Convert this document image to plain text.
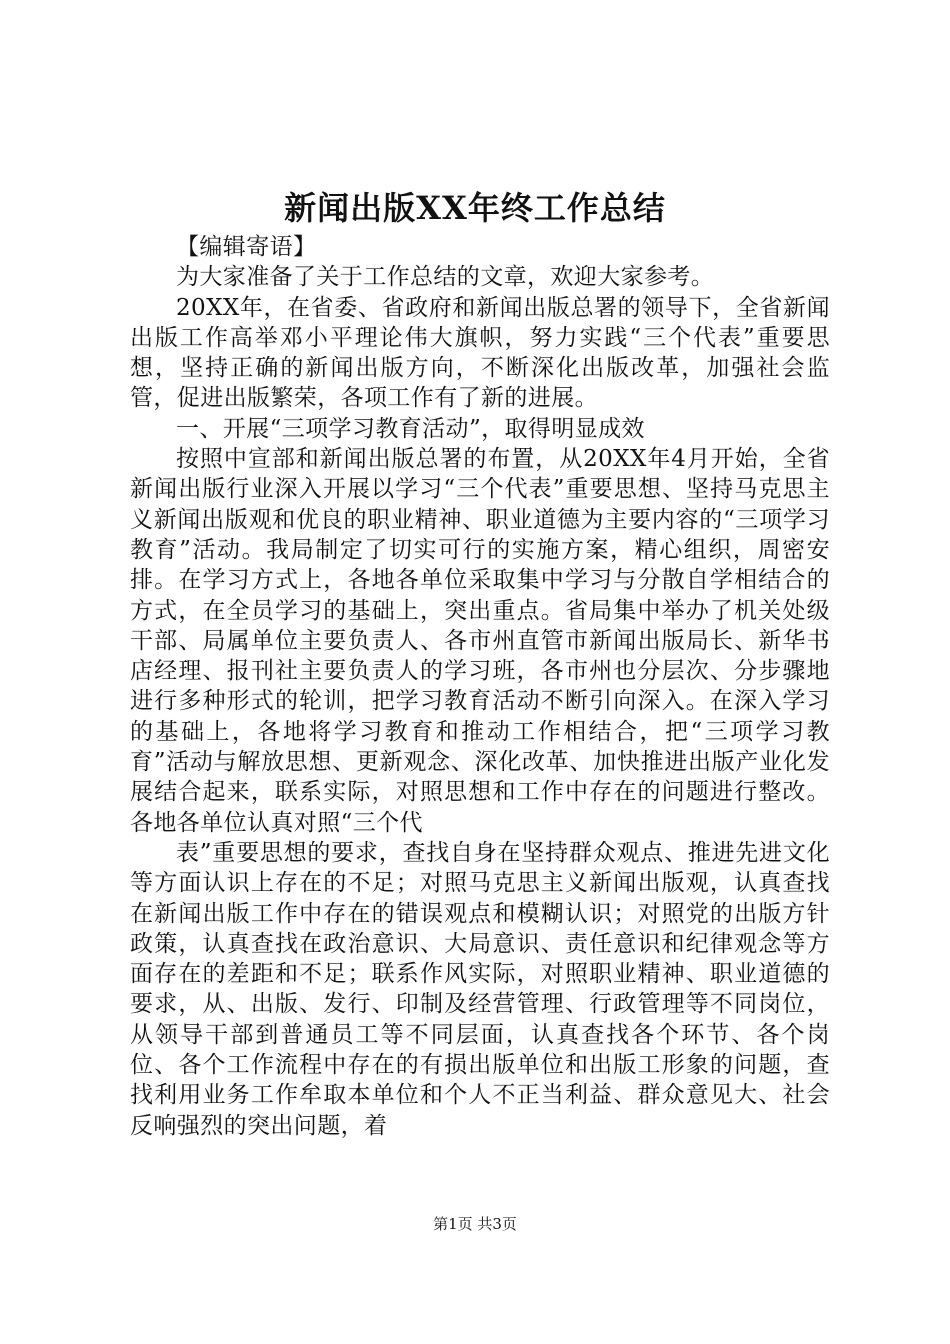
新闻出版XX年终工作总结

【编辑寄语】

为大家准备了关于工作总结的文章，欢迎大家参考。

20XX年，在省委、省政府和新闻出版总署的领导下，全省新闻出版工作高举邓小平理论伟大旗帜，努力实践“三个代表”重要思想，坚持正确的新闻出版方向，不断深化出版改革，加强社会监管，促进出版繁荣，各项工作有了新的进展。

一、开展“三项学习教育活动”，取得明显成效

按照中宣部和新闻出版总署的布置，从20XX年4月开始，全省新闻出版行业深入开展以学习“三个代表”重要思想、坚持马克思主义新闻出版观和优良的职业精神、职业道德为主要内容的“三项学习教育”活动。我局制定了切实可行的实施方案，精心组织，周密安排。在学习方式上，各地各单位采取集中学习与分散自学相结合的方式，在全员学习的基础上，突出重点。省局集中举办了机关处级干部、局属单位主要负责人、各市州直管市新闻出版局长、新华书店经理、报刊社主要负责人的学习班，各市州也分层次、分步骤地进行多种形式的轮训，把学习教育活动不断引向深入。在深入学习的基础上，各地将学习教育和推动工作相结合，把“三项学习教育”活动与解放思想、更新观念、深化改革、加快推进出版产业化发展结合起来，联系实际，对照思想和工作中存在的问题进行整改。各地各单位认真对照“三个代

表”重要思想的要求，查找自身在坚持群众观点、推进先进文化等方面认识上存在的不足；对照马克思主义新闻出版观，认真查找在新闻出版工作中存在的错误观点和模糊认识；对照党的出版方针政策，认真查找在政治意识、大局意识、责任意识和纪律观念等方面存在的差距和不足；联系作风实际，对照职业精神、职业道德的要求，从、出版、发行、印制及经营管理、行政管理等不同岗位，从领导干部到普通员工等不同层面，认真查找各个环节、各个岗位、各个工作流程中存在的有损出版单位和出版工形象的问题，查找利用业务工作牟取本单位和个人不正当利益、群众意见大、社会反响强烈的突出问题，着

第1页 共3页
